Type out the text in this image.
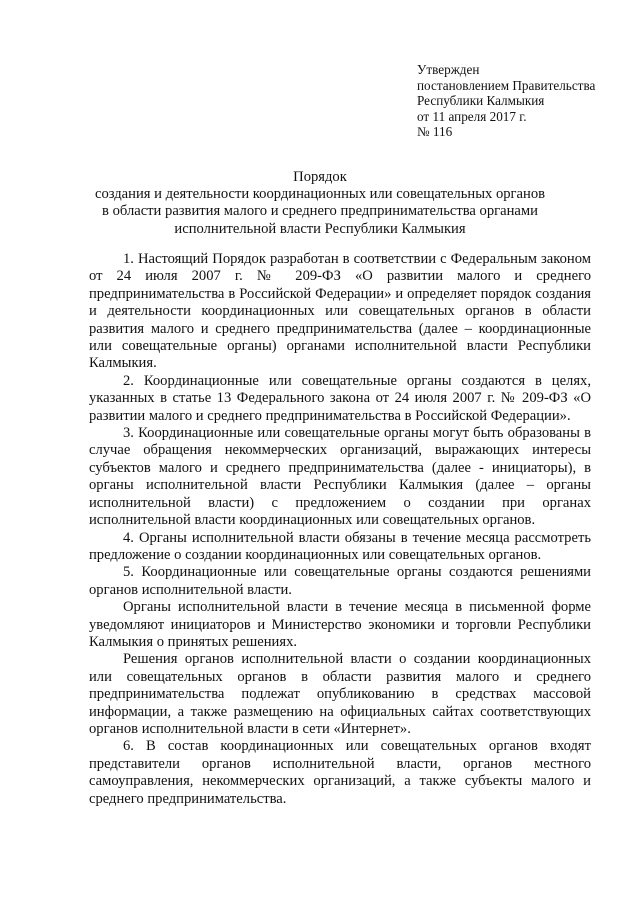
Утвержден
постановлением Правительства
Республики Калмыкия
от 11 апреля 2017 г.
№ 116
Порядок
создания и деятельности координационных или совещательных органов
в области развития малого и среднего предпринимательства органами
исполнительной власти Республики Калмыкия

1. Настоящий Порядок разработан в соответствии с Федеральным законом от 24 июля 2007 г. № 209-ФЗ «О развитии малого и среднего предпринимательства в Российской Федерации» и определяет порядок создания и деятельности координационных или совещательных органов в области развития малого и среднего предпринимательства (далее – координационные или совещательные органы) органами исполнительной власти Республики Калмыкия.

2. Координационные или совещательные органы создаются в целях, указанных в статье 13 Федерального закона от 24 июля 2007 г. № 209-ФЗ «О развитии малого и среднего предпринимательства в Российской Федерации».

3. Координационные или совещательные органы могут быть образованы в случае обращения некоммерческих организаций, выражающих интересы субъектов малого и среднего предпринимательства (далее - инициаторы), в органы исполнительной власти Республики Калмыкия (далее – органы исполнительной власти) с предложением о создании при органах исполнительной власти координационных или совещательных органов.

4. Органы исполнительной власти обязаны в течение месяца рассмотреть предложение о создании координационных или совещательных органов.

5. Координационные или совещательные органы создаются решениями органов исполнительной власти.

Органы исполнительной власти в течение месяца в письменной форме уведомляют инициаторов и Министерство экономики и торговли Республики Калмыкия о принятых решениях.

Решения органов исполнительной власти о создании координационных или совещательных органов в области развития малого и среднего предпринимательства подлежат опубликованию в средствах массовой информации, а также размещению на официальных сайтах соответствующих органов исполнительной власти в сети «Интернет».

6. В состав координационных или совещательных органов входят представители органов исполнительной власти, органов местного самоуправления, некоммерческих организаций, а также субъекты малого и среднего предпринимательства.
